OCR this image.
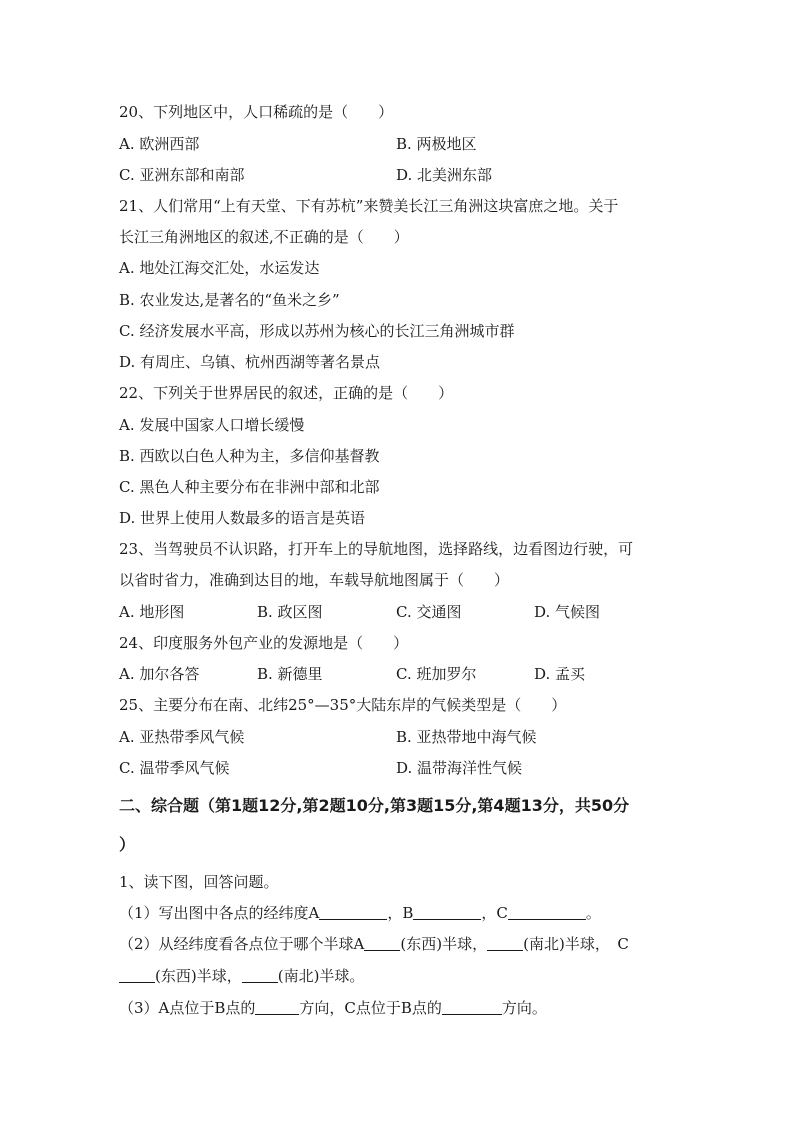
20、下列地区中，人口稀疏的是（　　）
A. 欧洲西部	B. 两极地区
C. 亚洲东部和南部	D. 北美洲东部
21、人们常用“上有天堂、下有苏杭”来赞美长江三角洲这块富庶之地。关于
长江三角洲地区的叙述,不正确的是（　　）
A. 地处江海交汇处，水运发达
B. 农业发达,是著名的“鱼米之乡”
C. 经济发展水平高，形成以苏州为核心的长江三角洲城市群
D. 有周庄、乌镇、杭州西湖等著名景点
22、下列关于世界居民的叙述，正确的是（　　）
A. 发展中国家人口增长缓慢
B. 西欧以白色人种为主，多信仰基督教
C. 黑色人种主要分布在非洲中部和北部
D. 世界上使用人数最多的语言是英语
23、当驾驶员不认识路，打开车上的导航地图，选择路线，边看图边行驶，可
以省时省力，准确到达目的地，车载导航地图属于（　　）
A. 地形图	B. 政区图	C. 交通图	D. 气候图
24、印度服务外包产业的发源地是（　　）
A. 加尔各答	B. 新德里	C. 班加罗尔	D. 孟买
25、主要分布在南、北纬25°—35°大陆东岸的气候类型是（　　）
A. 亚热带季风气候	B. 亚热带地中海气候
C. 温带季风气候	D. 温带海洋性气候
二、综合题（第1题12分,第2题10分,第3题15分,第4题13分，共50分
）
1、读下图，回答问题。
（1）写出图中各点的经纬度A	，B	，C	。
（2）从经纬度看各点位于哪个半球A (东西)半球， (南北)半球，　C
(东西)半球， (南北)半球。
（3）A点位于B点的	方向，C点位于B点的	方向。
